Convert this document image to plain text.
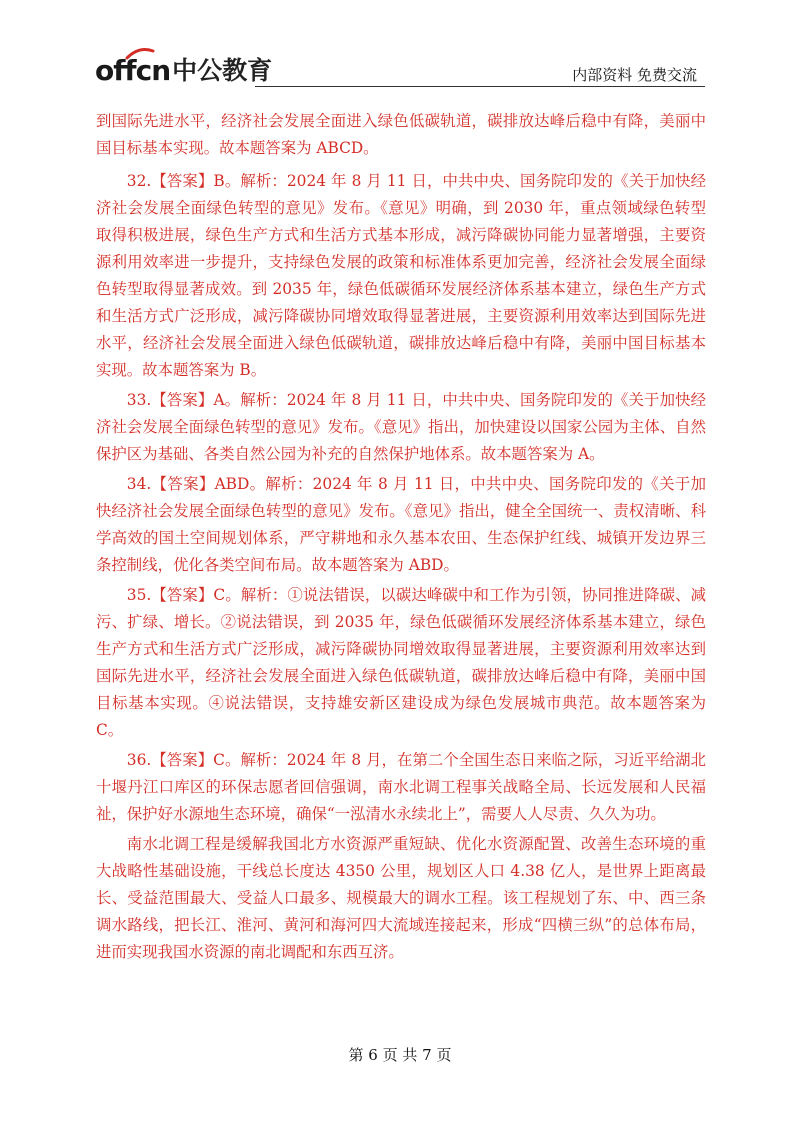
offcn 中公教育	内部资料 免费交流

到国际先进水平，经济社会发展全面进入绿色低碳轨道，碳排放达峰后稳中有降，美丽中国目标基本实现。故本题答案为 ABCD。

32.【答案】B。解析：2024 年 8 月 11 日，中共中央、国务院印发的《关于加快经济社会发展全面绿色转型的意见》发布。《意见》明确，到 2030 年，重点领域绿色转型取得积极进展，绿色生产方式和生活方式基本形成，减污降碳协同能力显著增强，主要资源利用效率进一步提升，支持绿色发展的政策和标准体系更加完善，经济社会发展全面绿色转型取得显著成效。到 2035 年，绿色低碳循环发展经济体系基本建立，绿色生产方式和生活方式广泛形成，减污降碳协同增效取得显著进展，主要资源利用效率达到国际先进水平，经济社会发展全面进入绿色低碳轨道，碳排放达峰后稳中有降，美丽中国目标基本实现。故本题答案为 B。

33.【答案】A。解析：2024 年 8 月 11 日，中共中央、国务院印发的《关于加快经济社会发展全面绿色转型的意见》发布。《意见》指出，加快建设以国家公园为主体、自然保护区为基础、各类自然公园为补充的自然保护地体系。故本题答案为 A。

34.【答案】ABD。解析：2024 年 8 月 11 日，中共中央、国务院印发的《关于加快经济社会发展全面绿色转型的意见》发布。《意见》指出，健全全国统一、责权清晰、科学高效的国土空间规划体系，严守耕地和永久基本农田、生态保护红线、城镇开发边界三条控制线，优化各类空间布局。故本题答案为 ABD。

35.【答案】C。解析：①说法错误，以碳达峰碳中和工作为引领，协同推进降碳、减污、扩绿、增长。②说法错误，到 2035 年，绿色低碳循环发展经济体系基本建立，绿色生产方式和生活方式广泛形成，减污降碳协同增效取得显著进展，主要资源利用效率达到国际先进水平，经济社会发展全面进入绿色低碳轨道，碳排放达峰后稳中有降，美丽中国目标基本实现。④说法错误，支持雄安新区建设成为绿色发展城市典范。故本题答案为 C。

36.【答案】C。解析：2024 年 8 月，在第二个全国生态日来临之际，习近平给湖北十堰丹江口库区的环保志愿者回信强调，南水北调工程事关战略全局、长远发展和人民福祉，保护好水源地生态环境，确保“一泓清水永续北上”，需要人人尽责、久久为功。

南水北调工程是缓解我国北方水资源严重短缺、优化水资源配置、改善生态环境的重大战略性基础设施，干线总长度达 4350 公里，规划区人口 4.38 亿人，是世界上距离最长、受益范围最大、受益人口最多、规模最大的调水工程。该工程规划了东、中、西三条调水路线，把长江、淮河、黄河和海河四大流域连接起来，形成“四横三纵”的总体布局，进而实现我国水资源的南北调配和东西互济。

第 6 页 共 7 页
